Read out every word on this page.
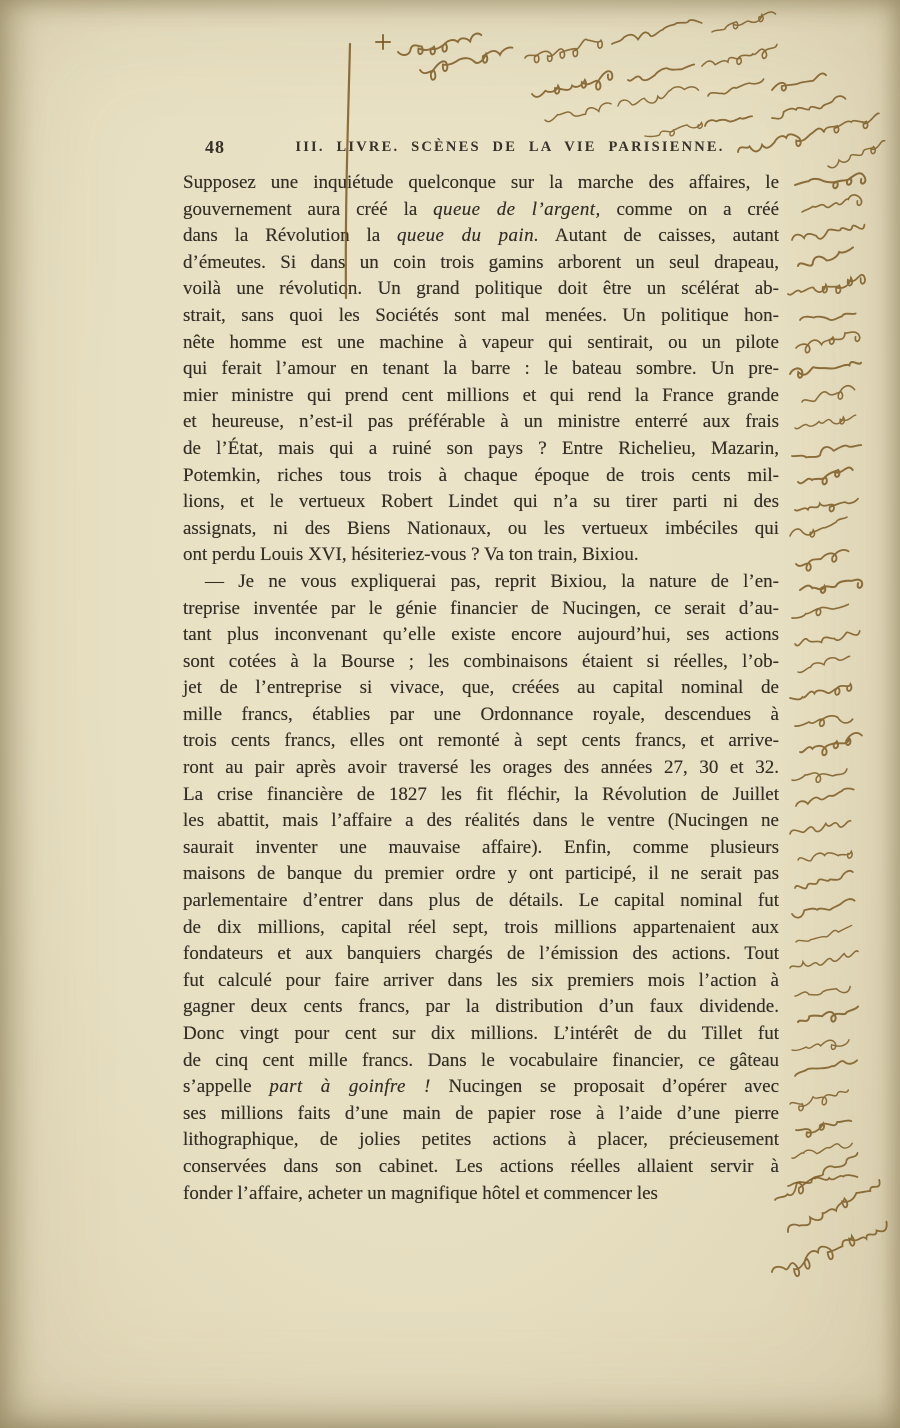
48	III. LIVRE. SCÈNES DE LA VIE PARISIENNE.
Supposez une inquiétude quelconque sur la marche des affaires, le
gouvernement aura créé la queue de l’argent, comme on a créé
dans la Révolution la queue du pain. Autant de caisses, autant
d’émeutes. Si dans un coin trois gamins arborent un seul drapeau,
voilà une révolution. Un grand politique doit être un scélérat ab-
strait, sans quoi les Sociétés sont mal menées. Un politique hon-
nête homme est une machine à vapeur qui sentirait, ou un pilote
qui ferait l’amour en tenant la barre : le bateau sombre. Un pre-
mier ministre qui prend cent millions et qui rend la France grande
et heureuse, n’est-il pas préférable à un ministre enterré aux frais
de l’État, mais qui a ruiné son pays ? Entre Richelieu, Mazarin,
Potemkin, riches tous trois à chaque époque de trois cents mil-
lions, et le vertueux Robert Lindet qui n’a su tirer parti ni des
assignats, ni des Biens Nationaux, ou les vertueux imbéciles qui
ont perdu Louis XVI, hésiteriez-vous ? Va ton train, Bixiou.
— Je ne vous expliquerai pas, reprit Bixiou, la nature de l’en-
treprise inventée par le génie financier de Nucingen, ce serait d’au-
tant plus inconvenant qu’elle existe encore aujourd’hui, ses actions
sont cotées à la Bourse ; les combinaisons étaient si réelles, l’ob-
jet de l’entreprise si vivace, que, créées au capital nominal de
mille francs, établies par une Ordonnance royale, descendues à
trois cents francs, elles ont remonté à sept cents francs, et arrive-
ront au pair après avoir traversé les orages des années 27, 30 et 32.
La crise financière de 1827 les fit fléchir, la Révolution de Juillet
les abattit, mais l’affaire a des réalités dans le ventre (Nucingen ne
saurait inventer une mauvaise affaire). Enfin, comme plusieurs
maisons de banque du premier ordre y ont participé, il ne serait pas
parlementaire d’entrer dans plus de détails. Le capital nominal fut
de dix millions, capital réel sept, trois millions appartenaient aux
fondateurs et aux banquiers chargés de l’émission des actions. Tout
fut calculé pour faire arriver dans les six premiers mois l’action à
gagner deux cents francs, par la distribution d’un faux dividende.
Donc vingt pour cent sur dix millions. L’intérêt de du Tillet fut
de cinq cent mille francs. Dans le vocabulaire financier, ce gâteau
s’appelle part à goinfre ! Nucingen se proposait d’opérer avec
ses millions faits d’une main de papier rose à l’aide d’une pierre
lithographique, de jolies petites actions à placer, précieusement
conservées dans son cabinet. Les actions réelles allaient servir à
fonder l’affaire, acheter un magnifique hôtel et commencer les
